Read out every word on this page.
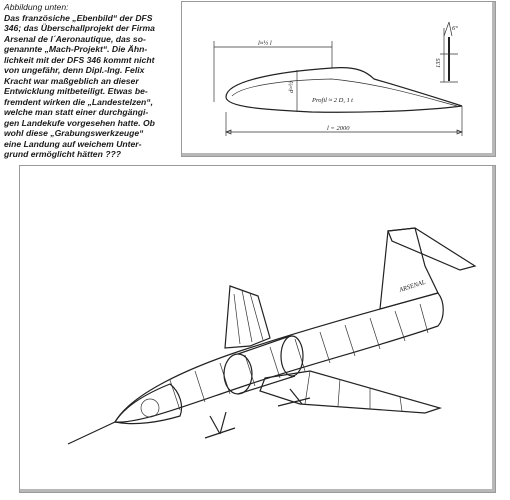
Abbildung unten:

Das französiche „Ebenbild“ der DFS

346; das Überschallprojekt der Firma

Arsenal de l´Aeronautique, das so-

genannte „Mach-Projekt“. Die Ähn-

lichkeit mit der DFS 346 kommt nicht

von ungefähr, denn Dipl.-Ing. Felix

Kracht war maßgeblich an dieser

Entwicklung mitbeteiligt. Etwas be-

fremdent wirken die „Landestelzen“,

welche man statt einer durchgängi-

gen Landekufe vorgesehen hatte. Ob

wohl diese „Grabungswerkzeuge“

eine Landung auf weichem Unter-

grund ermöglicht hätten ???

l≈½ l
d≈½
Profil ≈ 2 D, 1 t
l = 2000
135
6°
ARSENAL
